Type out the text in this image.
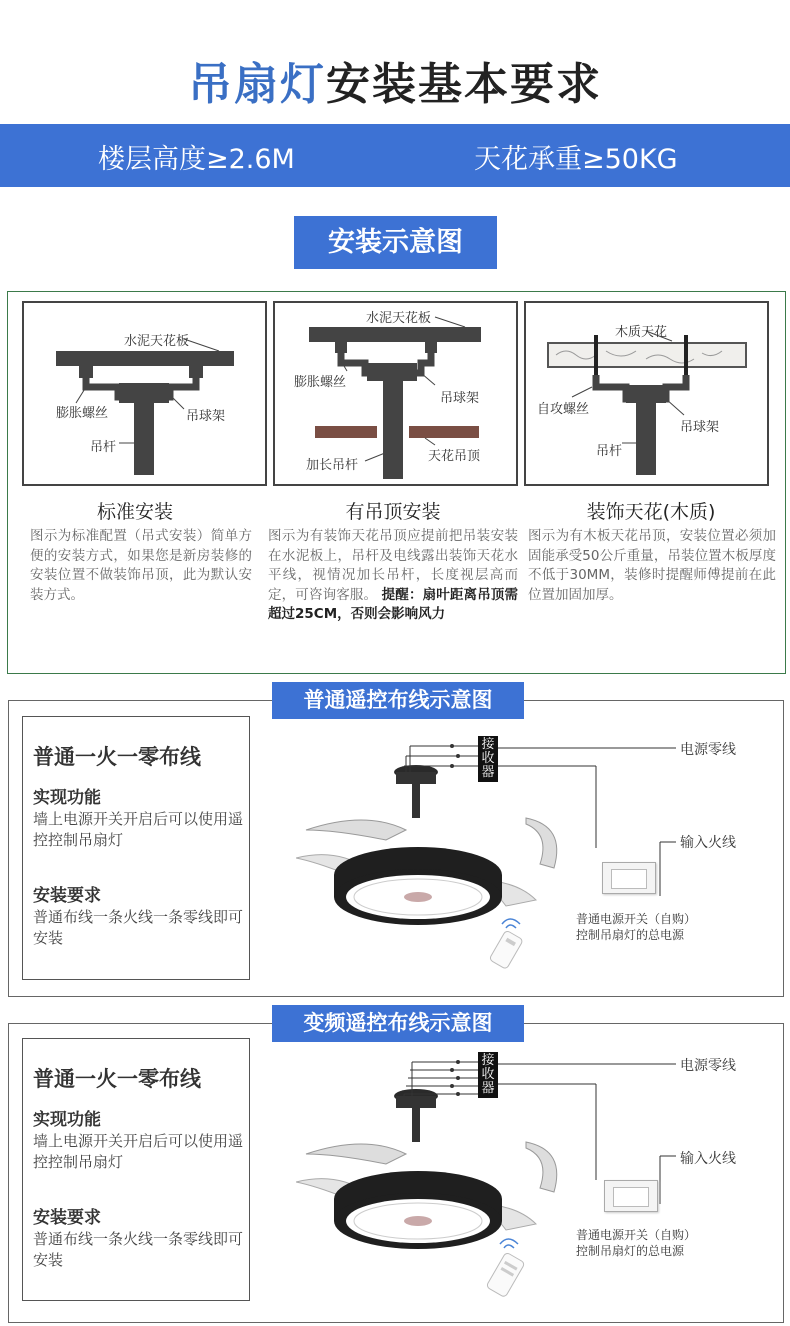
吊扇灯安装基本要求
楼层高度≥2.6M	天花承重≥50KG
安装示意图
水泥天花板
膨胀螺丝	吊球架
吊杆
水泥天花板
膨胀螺丝
吊球架
加长吊杆
天花吊顶
木质天花
自攻螺丝
吊球架
吊杆
标准安装
图示为标准配置（吊式安装）简单方便的安装方式，如果您是新房装修的安装位置不做装饰吊顶，此为默认安装方式。
有吊顶安装
图示为有装饰天花吊顶应提前把吊装安装在水泥板上，吊杆及电线露出装饰天花水平线，视情况加长吊杆，长度视层高而定，可咨询客服。 提醒：扇叶距离吊顶需超过25CM，否则会影响风力
装饰天花(木质)
图示为有木板天花吊顶，安装位置必须加固能承受50公斤重量，吊装位置木板厚度不低于30MM，装修时提醒师傅提前在此位置加固加厚。
普通遥控布线示意图
普通一火一零布线
实现功能
墙上电源开关开启后可以使用遥控控制吊扇灯
安装要求
普通布线一条火线一条零线即可安装
接收器
电源零线
输入火线
普通电源开关（自购）
控制吊扇灯的总电源
变频遥控布线示意图
普通一火一零布线
实现功能
墙上电源开关开启后可以使用遥控控制吊扇灯
安装要求
普通布线一条火线一条零线即可安装
接收器
电源零线
输入火线
普通电源开关（自购）
控制吊扇灯的总电源
